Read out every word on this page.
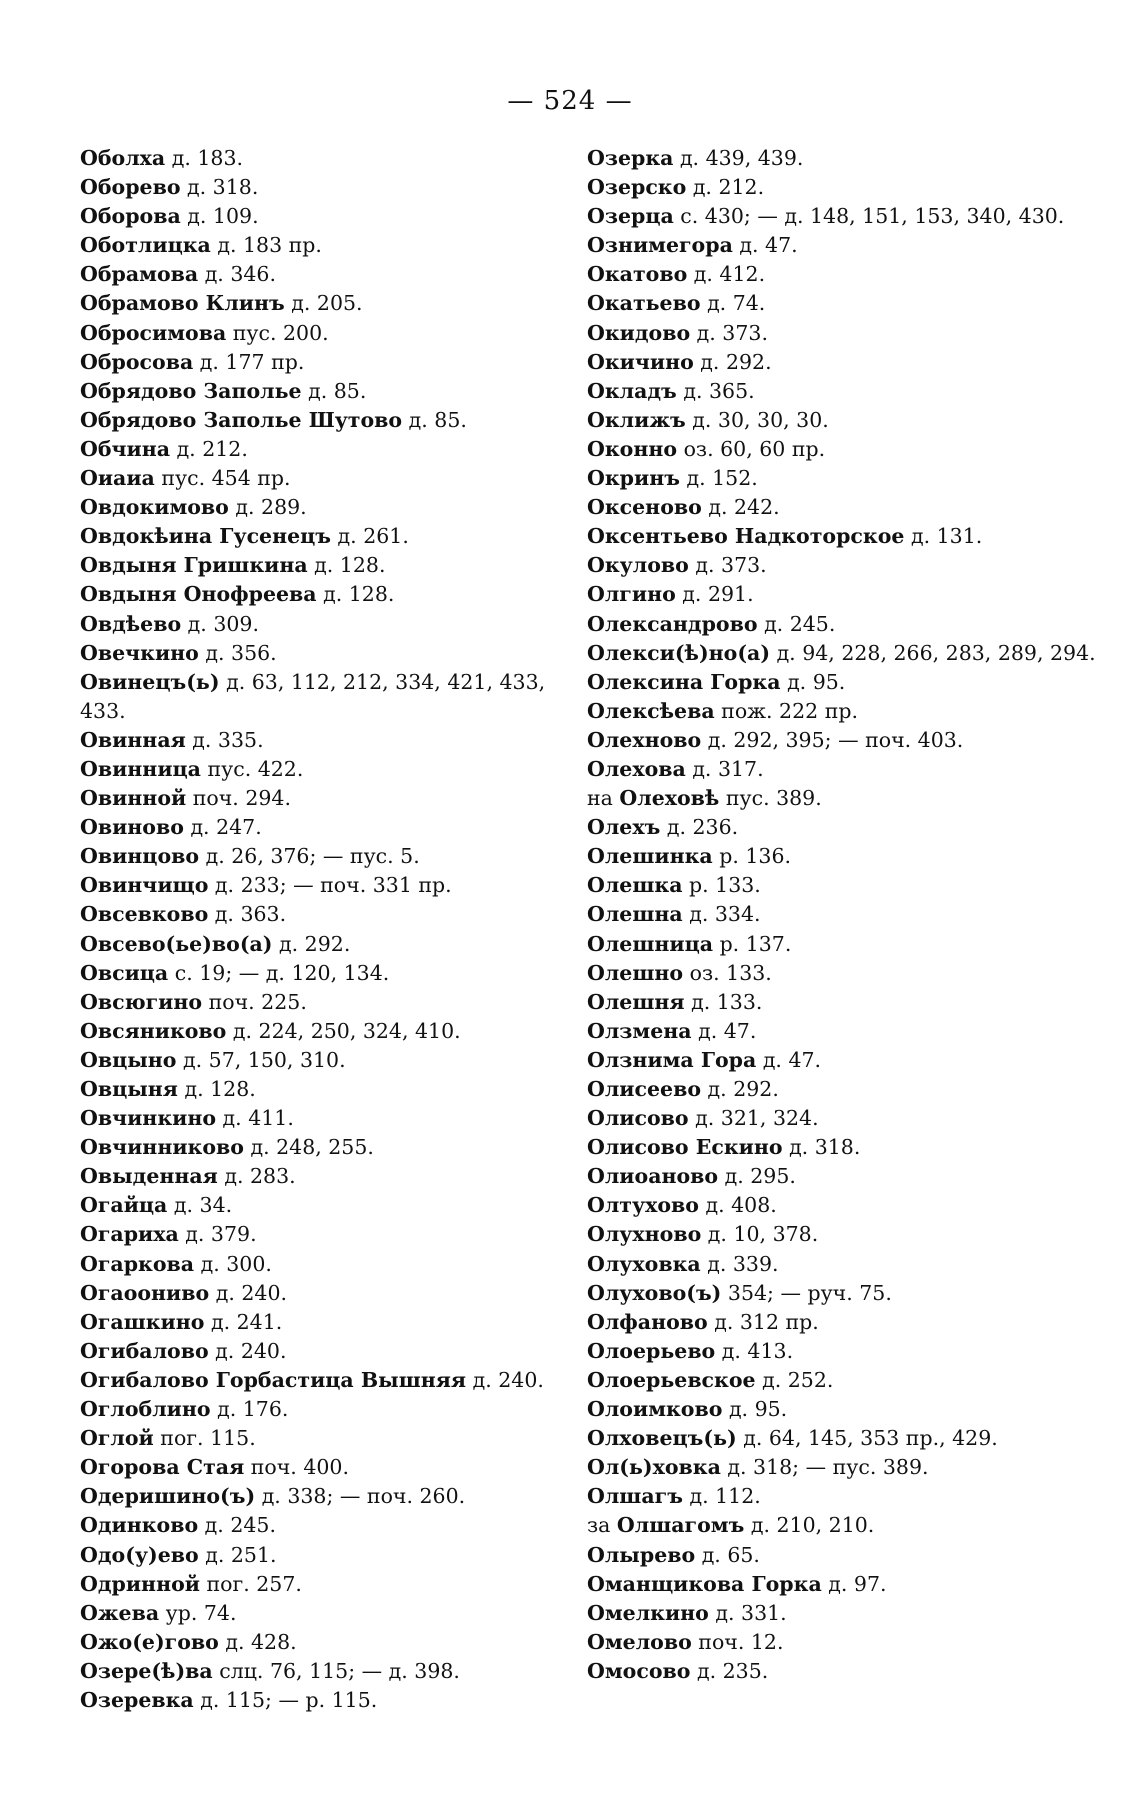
— 524 —
Оболха д. 183.
Оборево д. 318.
Оборова д. 109.
Оботлицка д. 183 пр.
Обрамова д. 346.
Обрамово Клинъ д. 205.
Обросимова пус. 200.
Обросова д. 177 пр.
Обрядово Заполье д. 85.
Обрядово Заполье Шутово д. 85.
Обчина д. 212.
Оиаиа пус. 454 пр.
Овдокимово д. 289.
Овдокѣина Гусенецъ д. 261.
Овдыня Гришкина д. 128.
Овдыня Онофреева д. 128.
Овдѣево д. 309.
Овечкино д. 356.
Овинецъ(ь) д. 63, 112, 212, 334, 421, 433, 433.
Овинная д. 335.
Овинница пус. 422.
Овинной поч. 294.
Овиново д. 247.
Овинцово д. 26, 376; — пус. 5.
Овинчищо д. 233; — поч. 331 пр.
Овсевково д. 363.
Овсево(ье)во(а) д. 292.
Овсица с. 19; — д. 120, 134.
Овсюгино поч. 225.
Овсяниково д. 224, 250, 324, 410.
Овцыно д. 57, 150, 310.
Овцыня д. 128.
Овчинкино д. 411.
Овчинниково д. 248, 255.
Овыденная д. 283.
Огайца д. 34.
Огариха д. 379.
Огаркова д. 300.
Огаоониво д. 240.
Огашкино д. 241.
Огибалово д. 240.
Огибалово Горбастица Вышняя д. 240.
Оглоблино д. 176.
Оглой пог. 115.
Огорова Стая поч. 400.
Одеришино(ъ) д. 338; — поч. 260.
Одинково д. 245.
Одо(у)ево д. 251.
Одринной пог. 257.
Ожева ур. 74.
Ожо(е)гово д. 428.
Озере(ѣ)ва слц. 76, 115; — д. 398.
Озеревка д. 115; — р. 115.
Озерка д. 439, 439.
Озерско д. 212.
Озерца с. 430; — д. 148, 151, 153, 340, 430.
Ознимегора д. 47.
Окатово д. 412.
Окатьево д. 74.
Окидово д. 373.
Окичино д. 292.
Окладъ д. 365.
Оклижъ д. 30, 30, 30.
Оконно оз. 60, 60 пр.
Окринъ д. 152.
Оксеново д. 242.
Оксентьево Надкоторское д. 131.
Окулово д. 373.
Олгино д. 291.
Олександрово д. 245.
Олекси(ѣ)но(а) д. 94, 228, 266, 283, 289, 294.
Олексина Горка д. 95.
Олексѣева пож. 222 пр.
Олехново д. 292, 395; — поч. 403.
Олехова д. 317.
на Олеховѣ пус. 389.
Олехъ д. 236.
Олешинка р. 136.
Олешка р. 133.
Олешна д. 334.
Олешница р. 137.
Олешно оз. 133.
Олешня д. 133.
Олзмена д. 47.
Олзнима Гора д. 47.
Олисеево д. 292.
Олисово д. 321, 324.
Олисово Ескино д. 318.
Олиоаново д. 295.
Олтухово д. 408.
Олухново д. 10, 378.
Олуховка д. 339.
Олухово(ъ) 354; — руч. 75.
Олфаново д. 312 пр.
Олоерьево д. 413.
Олоерьевское д. 252.
Олоимково д. 95.
Олховецъ(ь) д. 64, 145, 353 пр., 429.
Ол(ь)ховка д. 318; — пус. 389.
Олшагъ д. 112.
за Олшагомъ д. 210, 210.
Олырево д. 65.
Оманщикова Горка д. 97.
Омелкино д. 331.
Омелово поч. 12.
Омосово д. 235.
